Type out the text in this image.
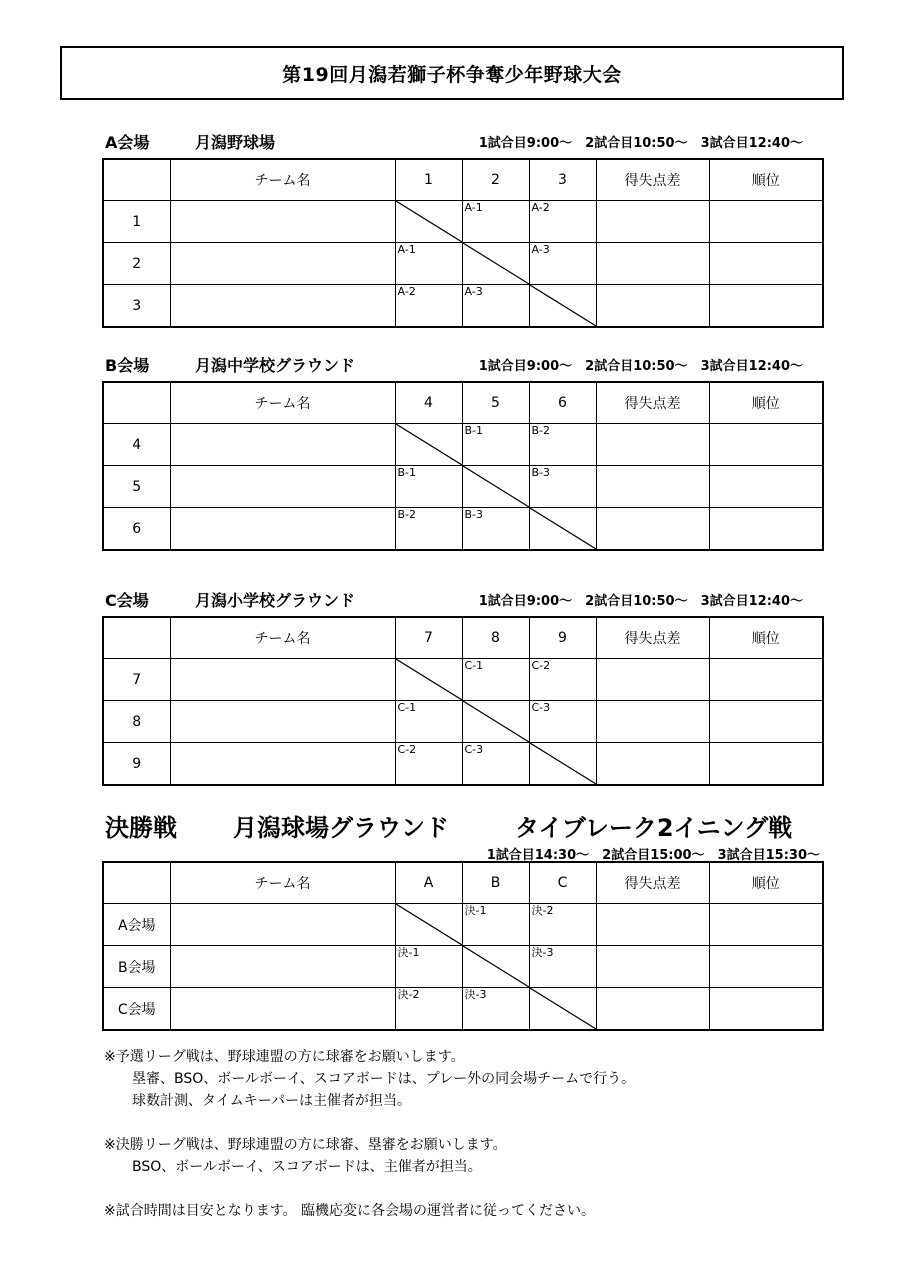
第19回月潟若獅子杯争奪少年野球大会
A会場	月潟野球場	1試合目9:00～　2試合目10:50～　3試合目12:40～
	チーム名	1	2	3	得失点差	順位
1			A-1	A-2		

2		A-1		A-3		

3		A-2	A-3

B会場	月潟中学校グラウンド	1試合目9:00～　2試合目10:50～　3試合目12:40～
	チーム名	4	5	6	得失点差	順位
4			B-1	B-2		

5		B-1		B-3		

6		B-2	B-3

C会場	月潟小学校グラウンド	1試合目9:00～　2試合目10:50～　3試合目12:40～
	チーム名	7	8	9	得失点差	順位
7			C-1	C-2		

8		C-1		C-3		

9		C-2	C-3

決勝戦 月潟球場グラウンド	タイブレーク2イニング戦
1試合目14:30～　2試合目15:00～　3試合目15:30～
	チーム名	A	B	C	得失点差	順位
A会場			決-1	決-2		

B会場		決-1		決-3		

C会場		決-2	決-3

※予選リーグ戦は、野球連盟の方に球審をお願いします。
塁審、BSO、ボールボーイ、スコアボードは、プレー外の同会場チームで行う。
球数計測、タイムキーパーは主催者が担当。
※決勝リーグ戦は、野球連盟の方に球審、塁審をお願いします。
BSO、ボールボーイ、スコアボードは、主催者が担当。
※試合時間は目安となります。 臨機応変に各会場の運営者に従ってください。
